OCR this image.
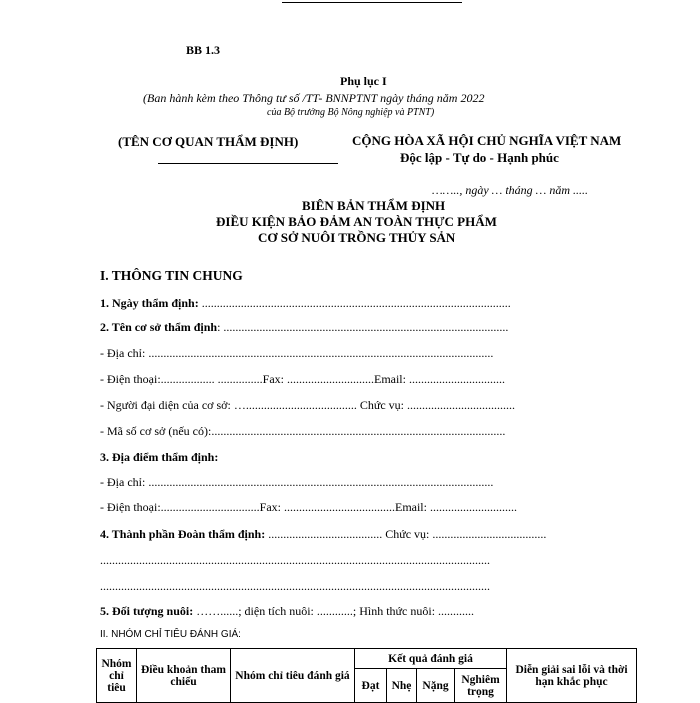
BB 1.3
Phụ lục I
(Ban hành kèm theo Thông tư số /TT- BNNPTNT ngày tháng năm 2022
của Bộ trưởng Bộ Nông nghiệp và PTNT)
(TÊN CƠ QUAN THẨM ĐỊNH)	CỘNG HÒA XÃ HỘI CHỦ NGHĨA VIỆT NAM
Độc lập - Tự do - Hạnh phúc
…….., ngày … tháng … năm .....
BIÊN BẢN THẨM ĐỊNH
ĐIỀU KIỆN BẢO ĐẢM AN TOÀN THỰC PHẨM
CƠ SỞ NUÔI TRỒNG THỦY SẢN
I. THÔNG TIN CHUNG
1. Ngày thẩm định: .......................................................................................................
2. Tên cơ sở thẩm định: ...............................................................................................
- Địa chỉ: ...................................................................................................................
- Điện thoại:.................. ...............Fax: .............................Email: ................................
- Người đại diện của cơ sở: …..................................... Chức vụ: ....................................
- Mã số cơ sở (nếu có):..................................................................................................
3. Địa điểm thẩm định:
- Địa chỉ: ...................................................................................................................
- Điện thoại:.................................Fax: .....................................Email: .............................
4. Thành phần Đoàn thẩm định: ...................................... Chức vụ: ......................................
..................................................................................................................................
..................................................................................................................................
5. Đối tượng nuôi: ……......; diện tích nuôi: ............; Hình thức nuôi: ............
II. NHÓM CHỈ TIÊU ĐÁNH GIÁ:
Nhóm chỉ tiêu	Điều khoản tham chiếu	Nhóm chỉ tiêu đánh giá	Kết quả đánh giá				Diễn giải sai lỗi và thời hạn khắc phục
			Đạt	Nhẹ	Nặng	Nghiêm trọng	
